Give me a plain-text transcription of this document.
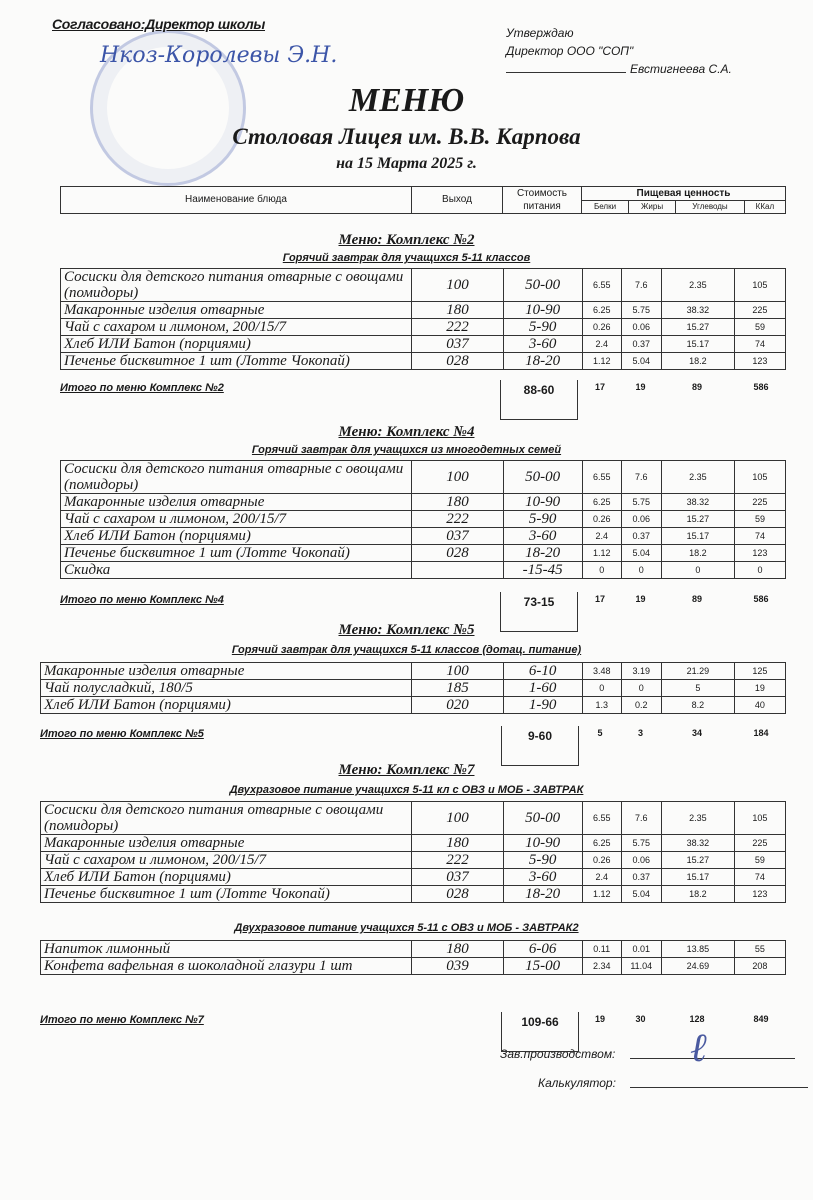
Согласовано:Директор школы
Нкоз-Королевы Э.Н.
Утверждаю
Директор ООО "СОП"
Евстигнеева С.А.
МЕНЮ
Столовая Лицея им. В.В. Карпова
на 15 Марта 2025 г.
Наименование блюда	Выход	Стоимость	Пищевая ценность			
		питания	Белки	Жиры	Углеводы	ККал
Зав.производством:
Калькулятор:
ℓ
Меню: Комплекс №2
Горячий завтрак для учащихся 5-11 классов
Сосиски для детского питания отварные с овощами (помидоры)	100	50-00	6.55	7.6	2.35	105
Макаронные изделия отварные	180	10-90	6.25	5.75	38.32	225
Чай с сахаром и лимоном, 200/15/7	222	5-90	0.26	0.06	15.27	59
Хлеб ИЛИ Батон (порциями)	037	3-60	2.4	0.37	15.17	74
Печенье бисквитное 1 шт (Лотте Чокопай)	028	18-20	1.12	5.04	18.2	123
Итого по меню Комплекс №2	88-60	17	19	89	586
Меню: Комплекс №4
Горячий завтрак для учащихся из многодетных семей
Сосиски для детского питания отварные с овощами (помидоры)	100	50-00	6.55	7.6	2.35	105
Макаронные изделия отварные	180	10-90	6.25	5.75	38.32	225
Чай с сахаром и лимоном, 200/15/7	222	5-90	0.26	0.06	15.27	59
Хлеб ИЛИ Батон (порциями)	037	3-60	2.4	0.37	15.17	74
Печенье бисквитное 1 шт (Лотте Чокопай)	028	18-20	1.12	5.04	18.2	123
Скидка		-15-45	0	0	0	0
Итого по меню Комплекс №4	73-15	17	19	89	586
Меню: Комплекс №5
Горячий завтрак для учащихся 5-11 классов (дотац. питание)
Макаронные изделия отварные	100	6-10	3.48	3.19	21.29	125
Чай полусладкий, 180/5	185	1-60	0	0	5	19
Хлеб ИЛИ Батон (порциями)	020	1-90	1.3	0.2	8.2	40
Итого по меню Комплекс №5	9-60	5	3	34	184
Меню: Комплекс №7
Двухразовое питание учащихся 5-11 кл с ОВЗ и МОБ - ЗАВТРАК
Сосиски для детского питания отварные с овощами (помидоры)	100	50-00	6.55	7.6	2.35	105
Макаронные изделия отварные	180	10-90	6.25	5.75	38.32	225
Чай с сахаром и лимоном, 200/15/7	222	5-90	0.26	0.06	15.27	59
Хлеб ИЛИ Батон (порциями)	037	3-60	2.4	0.37	15.17	74
Печенье бисквитное 1 шт (Лотте Чокопай)	028	18-20	1.12	5.04	18.2	123
Двухразовое питание учащихся 5-11 с ОВЗ и МОБ - ЗАВТРАК2
Напиток лимонный	180	6-06	0.11	0.01	13.85	55
Конфета вафельная в шоколадной глазури 1 шт	039	15-00	2.34	11.04	24.69	208
Итого по меню Комплекс №7	109-66	19	30	128	849
